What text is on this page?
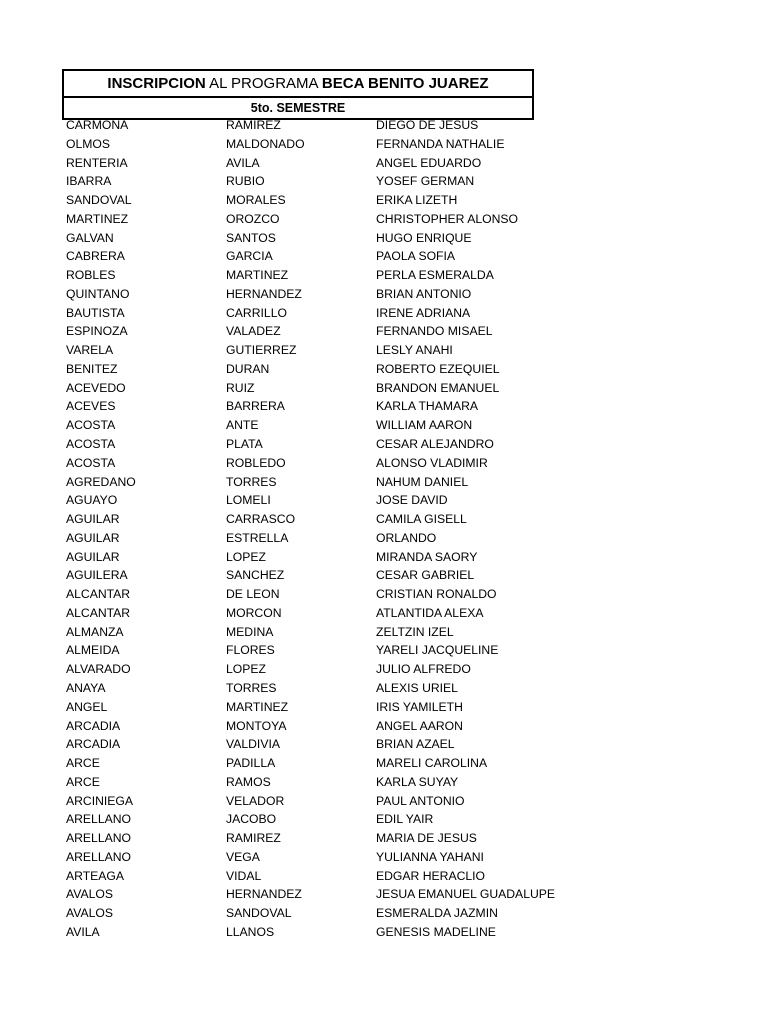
INSCRIPCION AL PROGRAMA BECA BENITO JUAREZ
5to. SEMESTRE
CARMONA	RAMIREZ	DIEGO DE JESUS
OLMOS	MALDONADO	FERNANDA NATHALIE
RENTERIA	AVILA	ANGEL EDUARDO
IBARRA	RUBIO	YOSEF GERMAN
SANDOVAL	MORALES	ERIKA LIZETH
MARTINEZ	OROZCO	CHRISTOPHER ALONSO
GALVAN	SANTOS	HUGO ENRIQUE
CABRERA	GARCIA	PAOLA SOFIA
ROBLES	MARTINEZ	PERLA ESMERALDA
QUINTANO	HERNANDEZ	BRIAN ANTONIO
BAUTISTA	CARRILLO	IRENE ADRIANA
ESPINOZA	VALADEZ	FERNANDO MISAEL
VARELA	GUTIERREZ	LESLY ANAHI
BENITEZ	DURAN	ROBERTO EZEQUIEL
ACEVEDO	RUIZ	BRANDON EMANUEL
ACEVES	BARRERA	KARLA THAMARA
ACOSTA	ANTE	WILLIAM AARON
ACOSTA	PLATA	CESAR ALEJANDRO
ACOSTA	ROBLEDO	ALONSO VLADIMIR
AGREDANO	TORRES	NAHUM DANIEL
AGUAYO	LOMELI	JOSE DAVID
AGUILAR	CARRASCO	CAMILA GISELL
AGUILAR	ESTRELLA	ORLANDO
AGUILAR	LOPEZ	MIRANDA SAORY
AGUILERA	SANCHEZ	CESAR GABRIEL
ALCANTAR	DE LEON	CRISTIAN RONALDO
ALCANTAR	MORCON	ATLANTIDA ALEXA
ALMANZA	MEDINA	ZELTZIN IZEL
ALMEIDA	FLORES	YARELI JACQUELINE
ALVARADO	LOPEZ	JULIO ALFREDO
ANAYA	TORRES	ALEXIS URIEL
ANGEL	MARTINEZ	IRIS YAMILETH
ARCADIA	MONTOYA	ANGEL AARON
ARCADIA	VALDIVIA	BRIAN AZAEL
ARCE	PADILLA	MARELI CAROLINA
ARCE	RAMOS	KARLA SUYAY
ARCINIEGA	VELADOR	PAUL ANTONIO
ARELLANO	JACOBO	EDIL YAIR
ARELLANO	RAMIREZ	MARIA DE JESUS
ARELLANO	VEGA	YULIANNA YAHANI
ARTEAGA	VIDAL	EDGAR HERACLIO
AVALOS	HERNANDEZ	JESUA EMANUEL GUADALUPE
AVALOS	SANDOVAL	ESMERALDA JAZMIN
AVILA	LLANOS	GENESIS MADELINE
